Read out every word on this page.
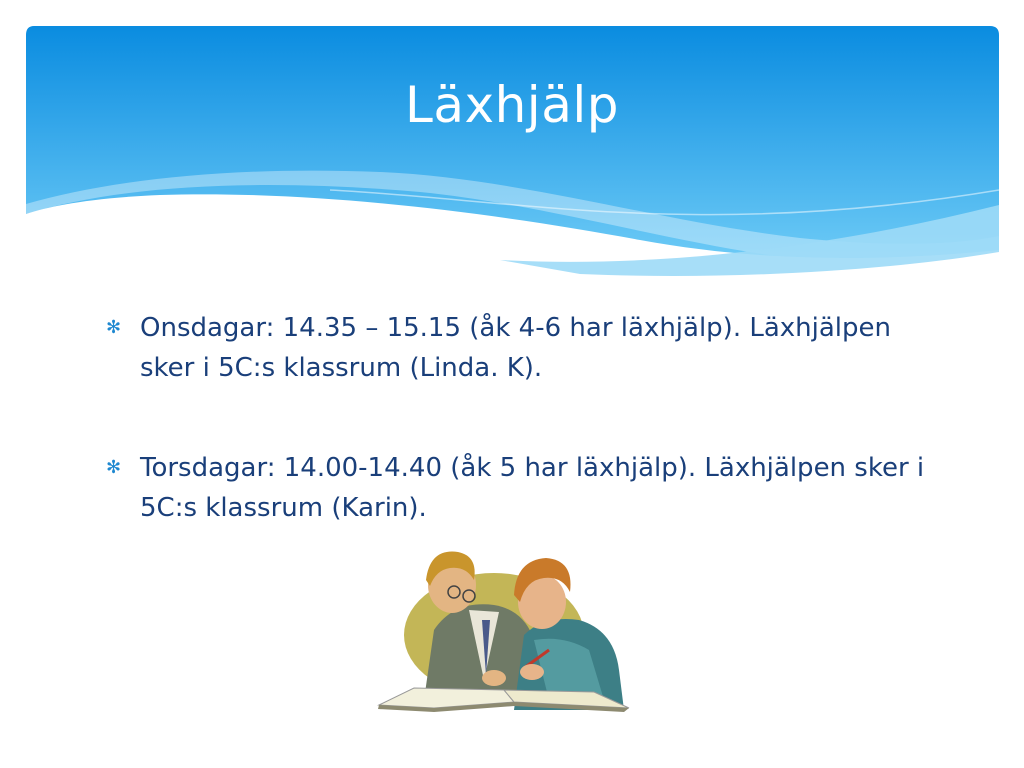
Läxhjälp
✻ Onsdagar: 14.35 – 15.15 (åk 4-6 har läxhjälp). Läxhjälpen sker i 5C:s klassrum (Linda. K).
✻ Torsdagar: 14.00-14.40 (åk 5 har läxhjälp). Läxhjälpen sker i 5C:s klassrum (Karin).
